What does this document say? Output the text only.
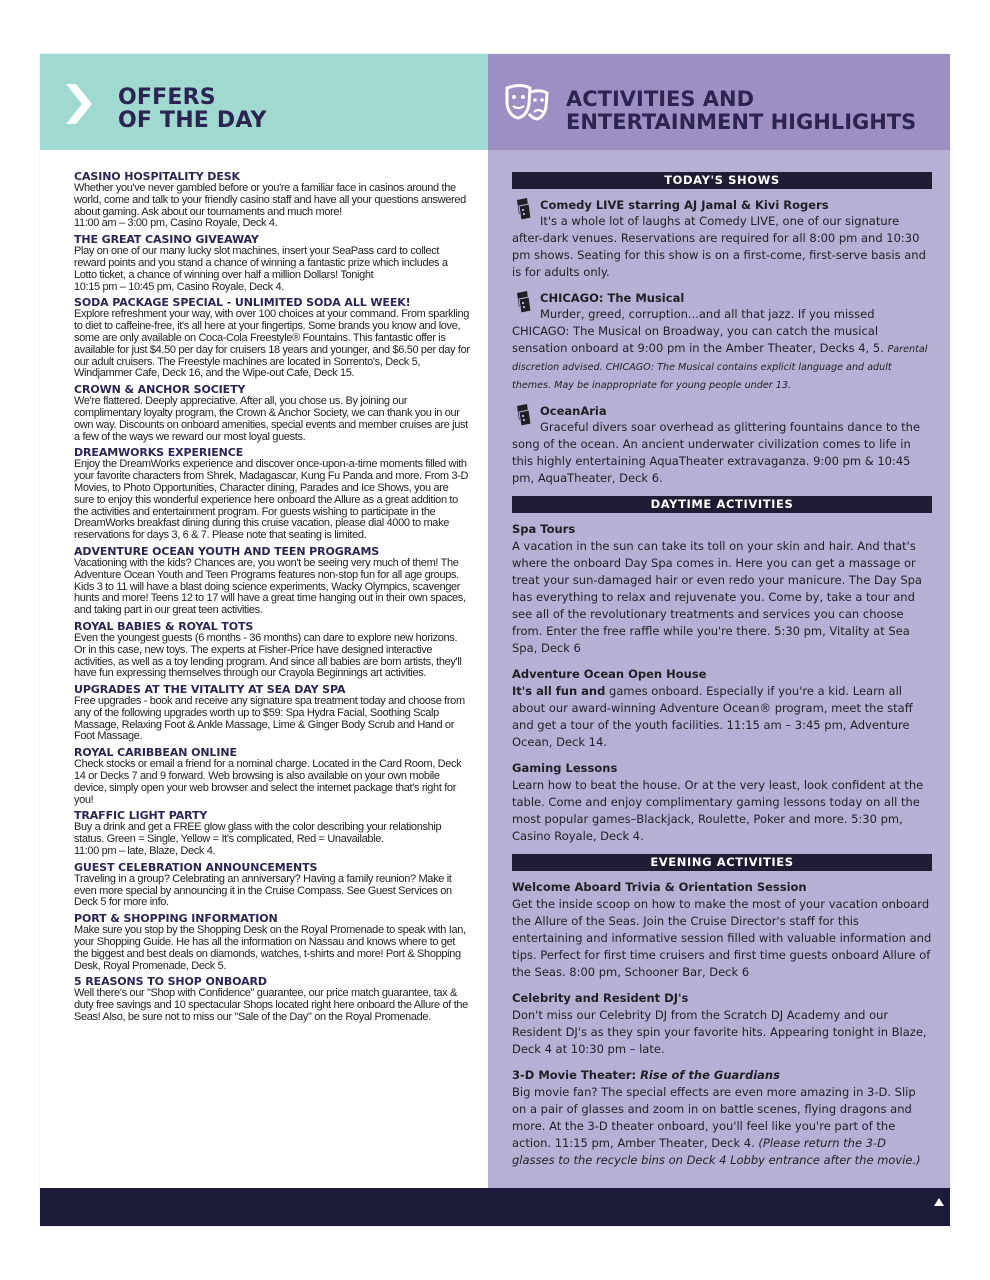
OFFERS
OF THE DAY
CASINO HOSPITALITY DESK
Whether you've never gambled before or you're a familiar face in casinos around the world, come and talk to your friendly casino staff and have all your questions answered about gaming. Ask about our tournaments and much more!
11:00 am – 3:00 pm, Casino Royale, Deck 4.
THE GREAT CASINO GIVEAWAY
Play on one of our many lucky slot machines, insert your SeaPass card to collect reward points and you stand a chance of winning a fantastic prize which includes a Lotto ticket, a chance of winning over half a million Dollars! Tonight
10:15 pm – 10:45 pm, Casino Royale, Deck 4.
SODA PACKAGE SPECIAL - UNLIMITED SODA ALL WEEK!
Explore refreshment your way, with over 100 choices at your command. From sparkling to diet to caffeine-free, it's all here at your fingertips. Some brands you know and love, some are only available on Coca-Cola Freestyle® Fountains. This fantastic offer is available for just $4.50 per day for cruisers 18 years and younger, and $6.50 per day for our adult cruisers. The Freestyle machines are located in Sorrento's, Deck 5, Windjammer Cafe, Deck 16, and the Wipe-out Cafe, Deck 15.
CROWN & ANCHOR SOCIETY
We're flattered. Deeply appreciative. After all, you chose us. By joining our complimentary loyalty program, the Crown & Anchor Society, we can thank you in our own way. Discounts on onboard amenities, special events and member cruises are just a few of the ways we reward our most loyal guests.
DREAMWORKS EXPERIENCE
Enjoy the DreamWorks experience and discover once-upon-a-time moments filled with your favorite characters from Shrek, Madagascar, Kung Fu Panda and more. From 3-D Movies, to Photo Opportunities, Character dining, Parades and Ice Shows, you are sure to enjoy this wonderful experience here onboard the Allure as a great addition to the activities and entertainment program. For guests wishing to participate in the DreamWorks breakfast dining during this cruise vacation, please dial 4000 to make reservations for days 3, 6 & 7. Please note that seating is limited.
ADVENTURE OCEAN YOUTH AND TEEN PROGRAMS
Vacationing with the kids? Chances are, you won't be seeing very much of them! The Adventure Ocean Youth and Teen Programs features non-stop fun for all age groups. Kids 3 to 11 will have a blast doing science experiments, Wacky Olympics, scavenger hunts and more! Teens 12 to 17 will have a great time hanging out in their own spaces, and taking part in our great teen activities.
ROYAL BABIES & ROYAL TOTS
Even the youngest guests (6 months - 36 months) can dare to explore new horizons. Or in this case, new toys. The experts at Fisher-Price have designed interactive activities, as well as a toy lending program. And since all babies are born artists, they'll have fun expressing themselves through our Crayola Beginnings art activities.
UPGRADES AT THE VITALITY AT SEA DAY SPA
Free upgrades - book and receive any signature spa treatment today and choose from any of the following upgrades worth up to $59: Spa Hydra Facial, Soothing Scalp Massage, Relaxing Foot & Ankle Massage, Lime & Ginger Body Scrub and Hand or Foot Massage.
ROYAL CARIBBEAN ONLINE
Check stocks or email a friend for a nominal charge. Located in the Card Room, Deck 14 or Decks 7 and 9 forward. Web browsing is also available on your own mobile device, simply open your web browser and select the internet package that's right for you!
TRAFFIC LIGHT PARTY
Buy a drink and get a FREE glow glass with the color describing your relationship status. Green = Single, Yellow = It's complicated, Red = Unavailable.
11:00 pm – late, Blaze, Deck 4.
GUEST CELEBRATION ANNOUNCEMENTS
Traveling in a group? Celebrating an anniversary? Having a family reunion? Make it even more special by announcing it in the Cruise Compass. See Guest Services on Deck 5 for more info.
PORT & SHOPPING INFORMATION
Make sure you stop by the Shopping Desk on the Royal Promenade to speak with Ian, your Shopping Guide. He has all the information on Nassau and knows where to get the biggest and best deals on diamonds, watches, t-shirts and more! Port & Shopping Desk, Royal Promenade, Deck 5.
5 REASONS TO SHOP ONBOARD
Well there's our "Shop with Confidence" guarantee, our price match guarantee, tax & duty free savings and 10 spectacular Shops located right here onboard the Allure of the Seas! Also, be sure not to miss our "Sale of the Day" on the Royal Promenade.
ACTIVITIES AND
ENTERTAINMENT HIGHLIGHTS
TODAY'S SHOWS
Comedy LIVE starring AJ Jamal & Kivi Rogers
It's a whole lot of laughs at Comedy LIVE, one of our signature after-dark venues. Reservations are required for all 8:00 pm and 10:30 pm shows. Seating for this show is on a first-come, first-serve basis and is for adults only.
CHICAGO: The Musical
Murder, greed, corruption...and all that jazz. If you missed CHICAGO: The Musical on Broadway, you can catch the musical sensation onboard at 9:00 pm in the Amber Theater, Decks 4, 5. Parental discretion advised. CHICAGO: The Musical contains explicit language and adult themes. May be inappropriate for young people under 13.
OceanAria
Graceful divers soar overhead as glittering fountains dance to the song of the ocean. An ancient underwater civilization comes to life in this highly entertaining AquaTheater extravaganza. 9:00 pm & 10:45 pm, AquaTheater, Deck 6.
DAYTIME ACTIVITIES
Spa Tours
A vacation in the sun can take its toll on your skin and hair. And that's where the onboard Day Spa comes in. Here you can get a massage or treat your sun-damaged hair or even redo your manicure. The Day Spa has everything to relax and rejuvenate you. Come by, take a tour and see all of the revolutionary treatments and services you can choose from. Enter the free raffle while you're there. 5:30 pm, Vitality at Sea Spa, Deck 6
Adventure Ocean Open House
It's all fun and games onboard. Especially if you're a kid. Learn all about our award-winning Adventure Ocean® program, meet the staff and get a tour of the youth facilities. 11:15 am – 3:45 pm, Adventure Ocean, Deck 14.
Gaming Lessons
Learn how to beat the house. Or at the very least, look confident at the table. Come and enjoy complimentary gaming lessons today on all the most popular games–Blackjack, Roulette, Poker and more. 5:30 pm, Casino Royale, Deck 4.
EVENING ACTIVITIES
Welcome Aboard Trivia & Orientation Session
Get the inside scoop on how to make the most of your vacation onboard the Allure of the Seas. Join the Cruise Director's staff for this entertaining and informative session filled with valuable information and tips. Perfect for first time cruisers and first time guests onboard Allure of the Seas. 8:00 pm, Schooner Bar, Deck 6
Celebrity and Resident DJ's
Don't miss our Celebrity DJ from the Scratch DJ Academy and our Resident DJ's as they spin your favorite hits. Appearing tonight in Blaze, Deck 4 at 10:30 pm – late.
3-D Movie Theater: Rise of the Guardians
Big movie fan? The special effects are even more amazing in 3-D. Slip on a pair of glasses and zoom in on battle scenes, flying dragons and more. At the 3-D theater onboard, you'll feel like you're part of the action. 11:15 pm, Amber Theater, Deck 4. (Please return the 3-D glasses to the recycle bins on Deck 4 Lobby entrance after the movie.)
